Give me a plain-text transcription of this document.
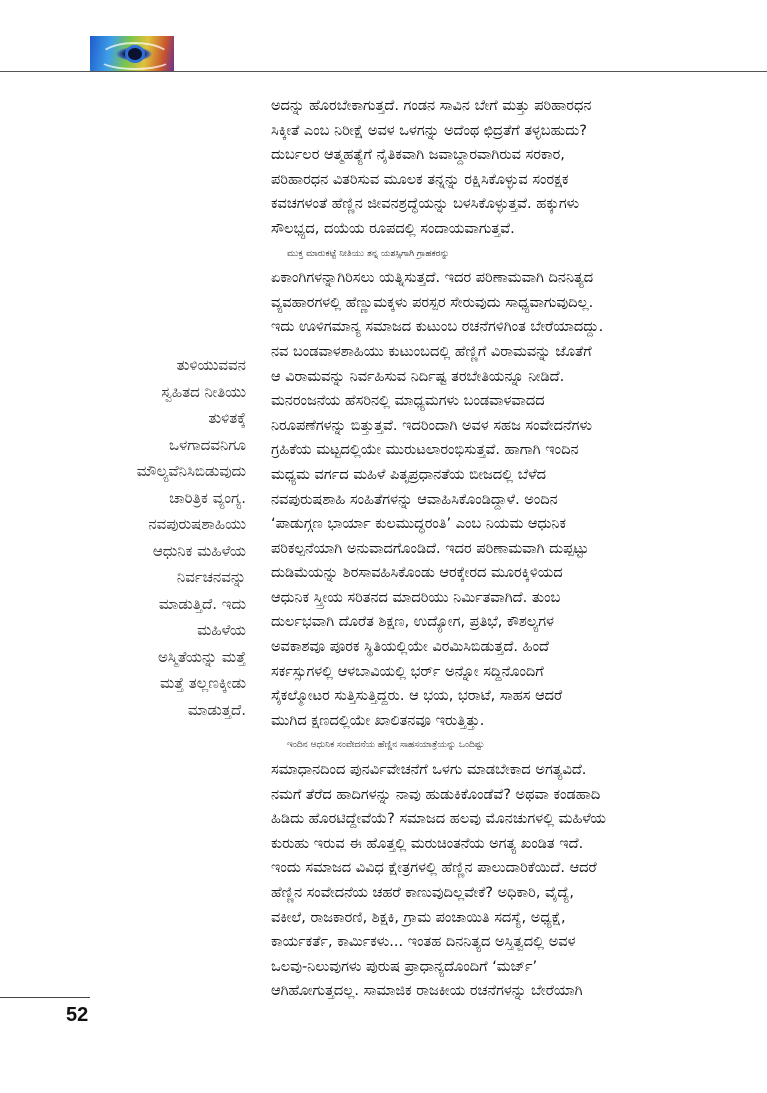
ತುಳಿಯುವವನ
ಸ್ವಹಿತದ ನೀತಿಯು
ತುಳಿತಕ್ಕೆ
ಒಳಗಾದವನಿಗೂ
ಮೌಲ್ಯವೆನಿಸಿಬಿಡುವುದು
ಚಾರಿತ್ರಿಕ ವ್ಯಂಗ್ಯ.
ನವಪುರುಷಶಾಹಿಯು
ಆಧುನಿಕ ಮಹಿಳೆಯ
ನಿರ್ವಚನವನ್ನು
ಮಾಡುತ್ತಿದೆ. ಇದು
ಮಹಿಳೆಯ
ಅಸ್ಮಿತೆಯನ್ನು ಮತ್ತೆ
ಮತ್ತೆ ತಲ್ಲಣಕ್ಕೀಡು
ಮಾಡುತ್ತದೆ.
ಅದನ್ನು ಹೊರಬೇಕಾಗುತ್ತದೆ. ಗಂಡನ ಸಾವಿನ ಬೇಗೆ ಮತ್ತು ಪರಿಹಾರಧನ
ಸಿಕ್ಕೀತೆ ಎಂಬ ನಿರೀಕ್ಷೆ ಅವಳ ಒಳಗನ್ನು ಅದೆಂಥ ಛಿದ್ರತೆಗೆ ತಳ್ಳಬಹುದು?
ದುರ್ಬಲರ ಆತ್ಮಹತ್ಯೆಗೆ ನೈತಿಕವಾಗಿ ಜವಾಬ್ದಾರವಾಗಿರುವ ಸರಕಾರ,
ಪರಿಹಾರಧನ ವಿತರಿಸುವ ಮೂಲಕ ತನ್ನನ್ನು ರಕ್ಷಿಸಿಕೊಳ್ಳುವ ಸಂರಕ್ಷಕ
ಕವಚಗಳಂತೆ ಹೆಣ್ಣಿನ ಜೀವನಶ್ರದ್ಧೆಯನ್ನು ಬಳಸಿಕೊಳ್ಳುತ್ತವೆ. ಹಕ್ಕುಗಳು
ಸೌಲಭ್ಯದ, ದಯೆಯ ರೂಪದಲ್ಲಿ ಸಂದಾಯವಾಗುತ್ತವೆ.
ಮುಕ್ತ ಮಾರುಕಟ್ಟೆ ನೀತಿಯು ತನ್ನ ಯಶಸ್ಸಿಗಾಗಿ ಗ್ರಾಹಕರನ್ನು
ಏಕಾಂಗಿಗಳನ್ನಾಗಿರಿಸಲು ಯತ್ನಿಸುತ್ತದೆ. ಇದರ ಪರಿಣಾಮವಾಗಿ ದಿನನಿತ್ಯದ
ವ್ಯವಹಾರಗಳಲ್ಲಿ ಹೆಣ್ಣುಮಕ್ಕಳು ಪರಸ್ಪರ ಸೇರುವುದು ಸಾಧ್ಯವಾಗುವುದಿಲ್ಲ.
ಇದು ಊಳಿಗಮಾನ್ಯ ಸಮಾಜದ ಕುಟುಂಬ ರಚನೆಗಳಿಗಿಂತ ಬೇರೆಯಾದದ್ದು.
ನವ ಬಂಡವಾಳಶಾಹಿಯು ಕುಟುಂಬದಲ್ಲಿ ಹೆಣ್ಣಿಗೆ ವಿರಾಮವನ್ನು ಜೊತೆಗೆ
ಆ ವಿರಾಮವನ್ನು ನಿರ್ವಹಿಸುವ ನಿರ್ದಿಷ್ಟ ತರಬೇತಿಯನ್ನೂ ನೀಡಿದೆ.
ಮನರಂಜನೆಯ ಹೆಸರಿನಲ್ಲಿ ಮಾಧ್ಯಮಗಳು ಬಂಡವಾಳವಾದದ
ನಿರೂಪಣೆಗಳನ್ನು ಬಿತ್ತುತ್ತವೆ. ಇದರಿಂದಾಗಿ ಅವಳ ಸಹಜ ಸಂವೇದನೆಗಳು
ಗ್ರಹಿಕೆಯ ಮಟ್ಟದಲ್ಲಿಯೇ ಮುರುಟಲಾರಂಭಿಸುತ್ತವೆ. ಹಾಗಾಗಿ ಇಂದಿನ
ಮಧ್ಯಮ ವರ್ಗದ ಮಹಿಳೆ ಪಿತೃಪ್ರಧಾನತೆಯ ಬೀಜದಲ್ಲಿ ಬೆಳೆದ
ನವಪುರುಷಶಾಹಿ ಸಂಹಿತೆಗಳನ್ನು ಆವಾಹಿಸಿಕೊಂಡಿದ್ದಾಳೆ. ಅಂದಿನ
‘ಪಾಡುಗ್ಗಣ ಭಾರ್ಯಾ ಕುಲಮುದ್ಧರಂತಿ’ ಎಂಬ ನಿಯಮ ಆಧುನಿಕ
ಪರಿಕಲ್ಪನೆಯಾಗಿ ಅನುವಾದಗೊಂಡಿದೆ. ಇದರ ಪರಿಣಾಮವಾಗಿ ದುಪ್ಪಟ್ಟು
ದುಡಿಮೆಯನ್ನು ಶಿರಸಾವಹಿಸಿಕೊಂಡು ಆರಕ್ಕೇರದ ಮೂರಕ್ಕಿಳಿಯದ
ಆಧುನಿಕ ಸ್ತ್ರೀಯ ಸರಿತನದ ಮಾದರಿಯು ನಿರ್ಮಿತವಾಗಿದೆ. ತುಂಬ
ದುರ್ಲಭವಾಗಿ ದೊರೆತ ಶಿಕ್ಷಣ, ಉದ್ಯೋಗ, ಪ್ರತಿಭೆ, ಕೌಶಲ್ಯಗಳ
ಅವಕಾಶವೂ ಪೂರಕ ಸ್ಥಿತಿಯಲ್ಲಿಯೇ ವಿರಮಿಸಿಬಿಡುತ್ತದೆ. ಹಿಂದೆ
ಸರ್ಕಸ್ಸುಗಳಲ್ಲಿ ಆಳಬಾವಿಯಲ್ಲಿ ಭರ್ರ್ ಅನ್ನೋ ಸದ್ದಿನೊಂದಿಗೆ
ಸೈಕಲ್ಮೋಟರ ಸುತ್ತಿಸುತ್ತಿದ್ದರು. ಆ ಭಯ, ಭರಾಟೆ, ಸಾಹಸ ಆದರೆ
ಮುಗಿದ ಕ್ಷಣದಲ್ಲಿಯೇ ಖಾಲಿತನವೂ ಇರುತ್ತಿತ್ತು.
ಇಂದಿನ ಆಧುನಿಕ ಸಂವೇದನೆಯ ಹೆಣ್ಣಿನ ಸಾಹಸಯಾತ್ರೆಯನ್ನು ಒಂದಿಷ್ಟು
ಸಮಾಧಾನದಿಂದ ಪುನರ್ವಿವೇಚನೆಗೆ ಒಳಗು ಮಾಡಬೇಕಾದ ಅಗತ್ಯವಿದೆ.
ನಮಗೆ ತೆರೆದ ಹಾದಿಗಳನ್ನು ನಾವು ಹುಡುಕಿಕೊಂಡೆವೆ? ಅಥವಾ ಕಂಡಹಾದಿ
ಹಿಡಿದು ಹೊರಟಿದ್ದೇವೆಯೆ? ಸಮಾಜದ ಹಲವು ಮೊನಚುಗಳಲ್ಲಿ ಮಹಿಳೆಯ
ಕುರುಹು ಇರುವ ಈ ಹೊತ್ತಲ್ಲಿ ಮರುಚಿಂತನೆಯ ಅಗತ್ಯ ಖಂಡಿತ ಇದೆ.
ಇಂದು ಸಮಾಜದ ವಿವಿಧ ಕ್ಷೇತ್ರಗಳಲ್ಲಿ ಹೆಣ್ಣಿನ ಪಾಲುದಾರಿಕೆಯಿದೆ. ಆದರೆ
ಹೆಣ್ಣಿನ ಸಂವೇದನೆಯ ಚಹರೆ ಕಾಣುವುದಿಲ್ಲವೇಕೆ? ಅಧಿಕಾರಿ, ವೈದ್ಯೆ,
ವಕೀಲೆ, ರಾಜಕಾರಣಿ, ಶಿಕ್ಷಕಿ, ಗ್ರಾಮ ಪಂಚಾಯಿತಿ ಸದಸ್ಯೆ, ಅಧ್ಯಕ್ಷೆ,
ಕಾರ್ಯಕರ್ತೆ, ಕಾರ್ಮಿಕಳು... ಇಂತಹ ದಿನನಿತ್ಯದ ಅಸ್ತಿತ್ವದಲ್ಲಿ ಅವಳ
ಒಲವು-ನಿಲುವುಗಳು ಪುರುಷ ಪ್ರಾಧಾನ್ಯದೊಂದಿಗೆ ‘ಮರ್ಜ್’
ಆಗಿಹೋಗುತ್ತದಲ್ಲ. ಸಾಮಾಜಿಕ ರಾಜಕೀಯ ರಚನೆಗಳನ್ನು ಬೇರೆಯಾಗಿ
52
